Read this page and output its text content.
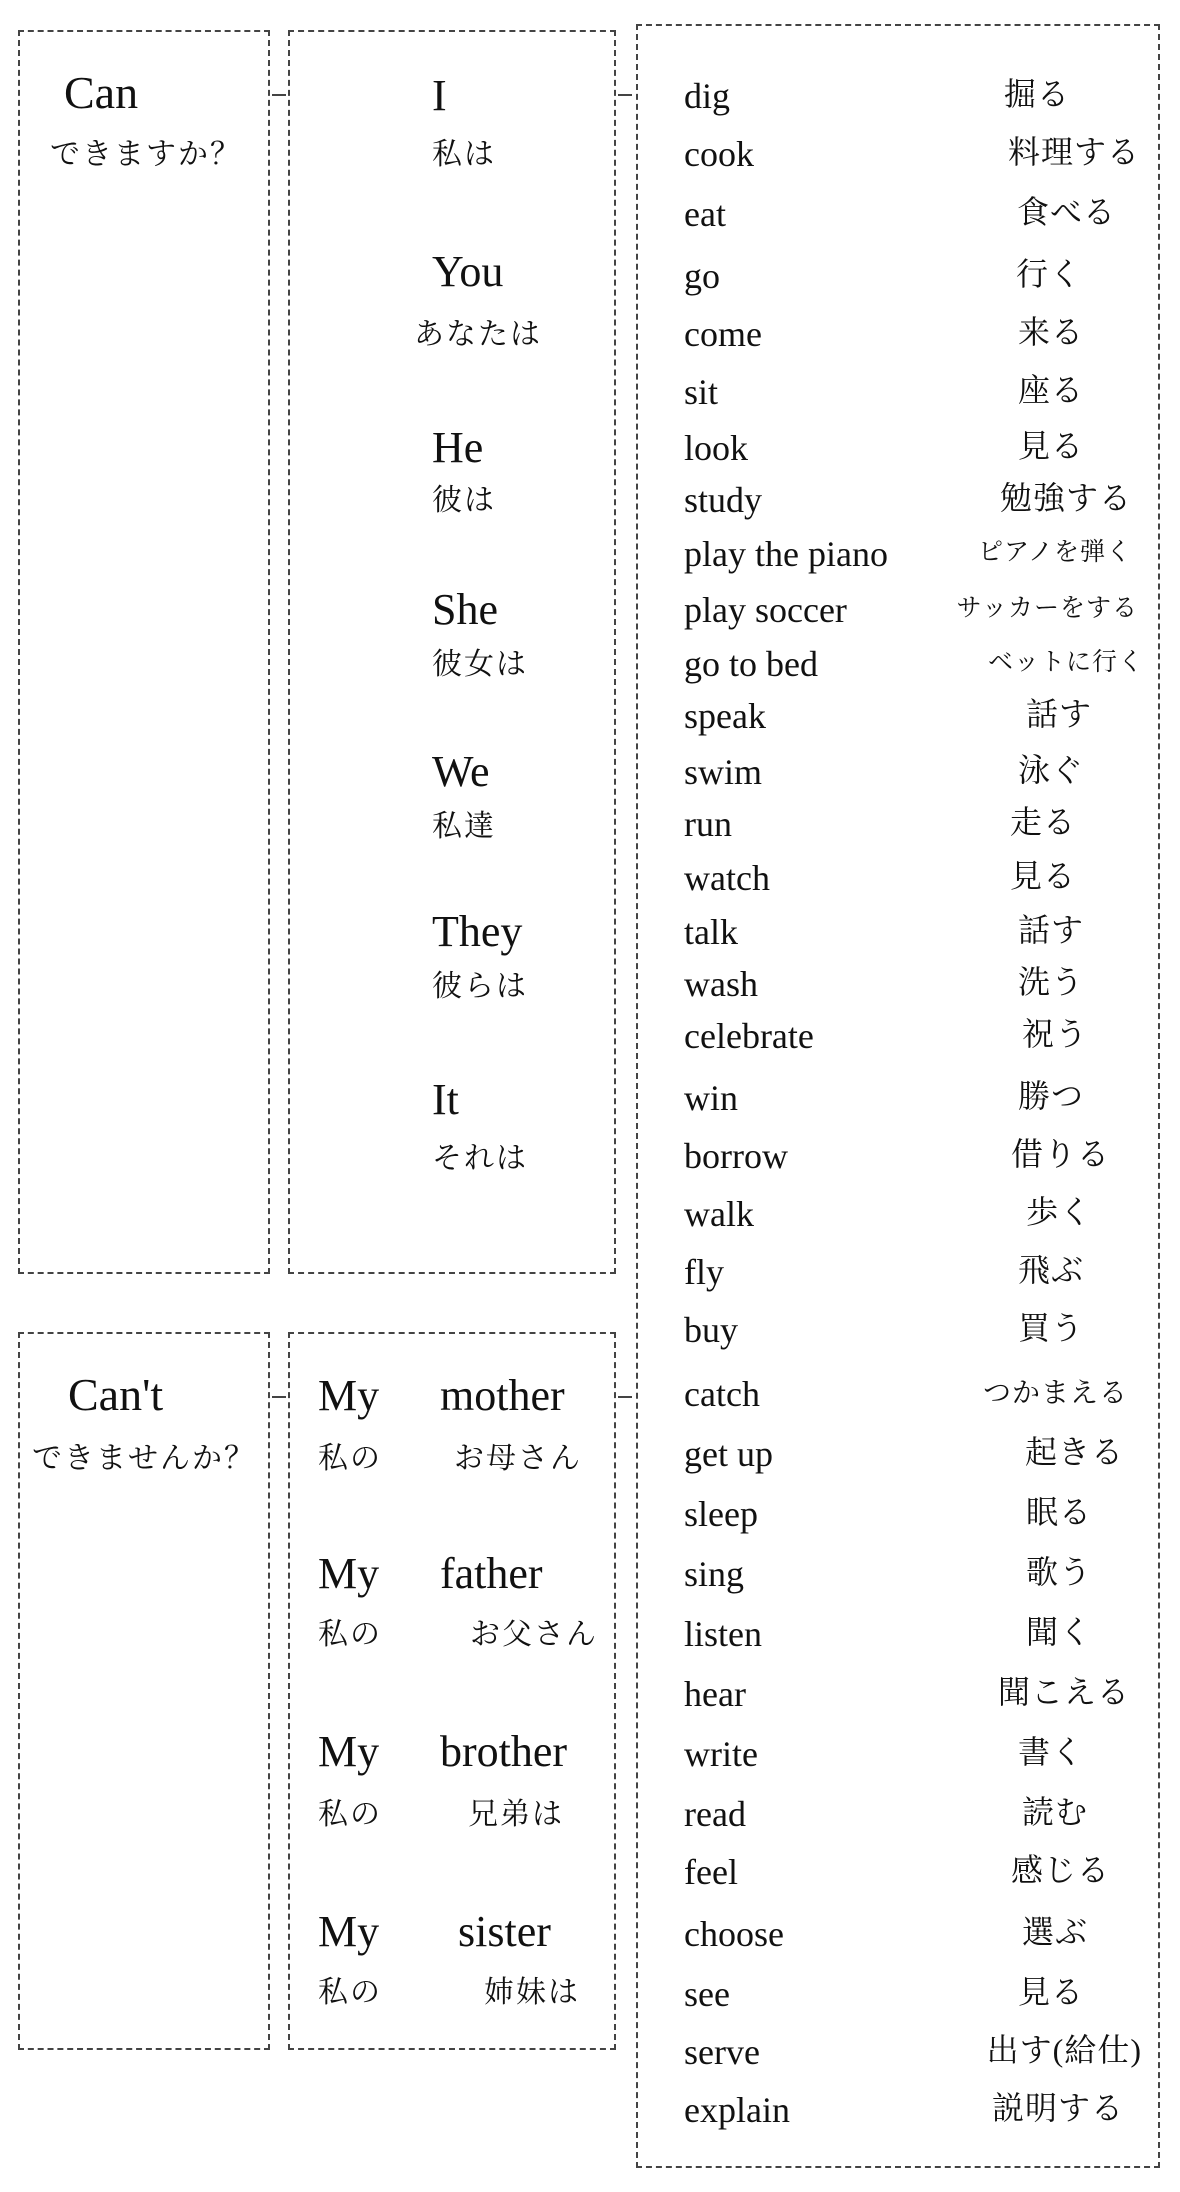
Can
できますか？
Can't
できませんか？
I
私は
You
あなたは
He
彼は
She
彼女は
We
私達
They
彼らは
It
それは
My mother
私の お母さん
My father
私の	お父さん
My brother
私の	兄弟は
My sister
私の	姉妹は
dig	掘る
cook	料理する
eat	食べる
go	行く
come	来る
sit	座る
look	見る
study	勉強する
play the piano	ピアノを弾く
play soccer	サッカーをする
go to bed	ベットに行く
speak	話す
swim	泳ぐ
run	走る
watch	見る
talk	話す
wash	洗う
celebrate	祝う
win	勝つ
borrow	借りる
walk	歩く
fly	飛ぶ
buy	買う
catch	つかまえる
get up	起きる
sleep	眠る
sing	歌う
listen	聞く
hear	聞こえる
write	書く
read	読む
feel	感じる
choose	選ぶ
see	見る
serve	出す(給仕)
explain	説明する
